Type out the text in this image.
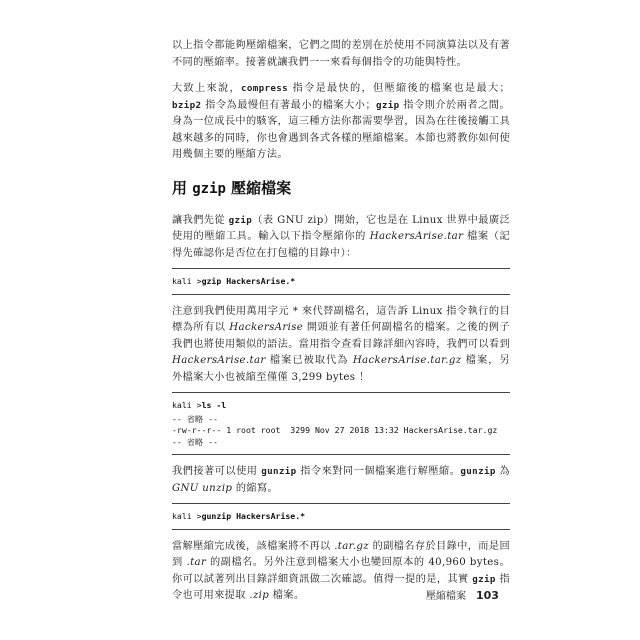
以上指令都能夠壓縮檔案，它們之間的差別在於使用不同演算法以及有著不同的壓縮率。接著就讓我們一一來看每個指令的功能與特性。

大致上來說，compress 指令是最快的，但壓縮後的檔案也是最大；bzip2 指令為最慢但有著最小的檔案大小；gzip 指令則介於兩者之間。身為一位成長中的駭客，這三種方法你都需要學習，因為在往後接觸工具越來越多的同時，你也會遇到各式各樣的壓縮檔案。本節也將教你如何使用幾個主要的壓縮方法。

用 gzip 壓縮檔案

讓我們先從 gzip（表 GNU zip）開始，它也是在 Linux 世界中最廣泛使用的壓縮工具。輸入以下指令壓縮你的 HackersArise.tar 檔案（記得先確認你是否位在打包檔的目錄中）：

kali >gzip HackersArise.*

注意到我們使用萬用字元 * 來代替副檔名，這告訴 Linux 指令執行的目標為所有以 HackersArise 開頭並有著任何副檔名的檔案。之後的例子我們也將使用類似的語法。當用指令查看目錄詳細內容時，我們可以看到 HackersArise.tar 檔案已被取代為 HackersArise.tar.gz 檔案，另外檔案大小也被縮至僅僅 3,299 bytes ！

kali >ls -l
-- 省略 --
-rw-r--r-- 1 root root  3299 Nov 27 2018 13:32 HackersArise.tar.gz
-- 省略 --

我們接著可以使用 gunzip 指令來對同一個檔案進行解壓縮。gunzip 為 GNU unzip 的縮寫。

kali >gunzip HackersArise.*

當解壓縮完成後，該檔案將不再以 .tar.gz 的副檔名存於目錄中，而是回到 .tar 的副檔名。另外注意到檔案大小也變回原本的 40,960 bytes。你可以試著列出目錄詳細資訊做二次確認。值得一提的是，其實 gzip 指令也可用來提取 .zip 檔案。	壓縮檔案 103
